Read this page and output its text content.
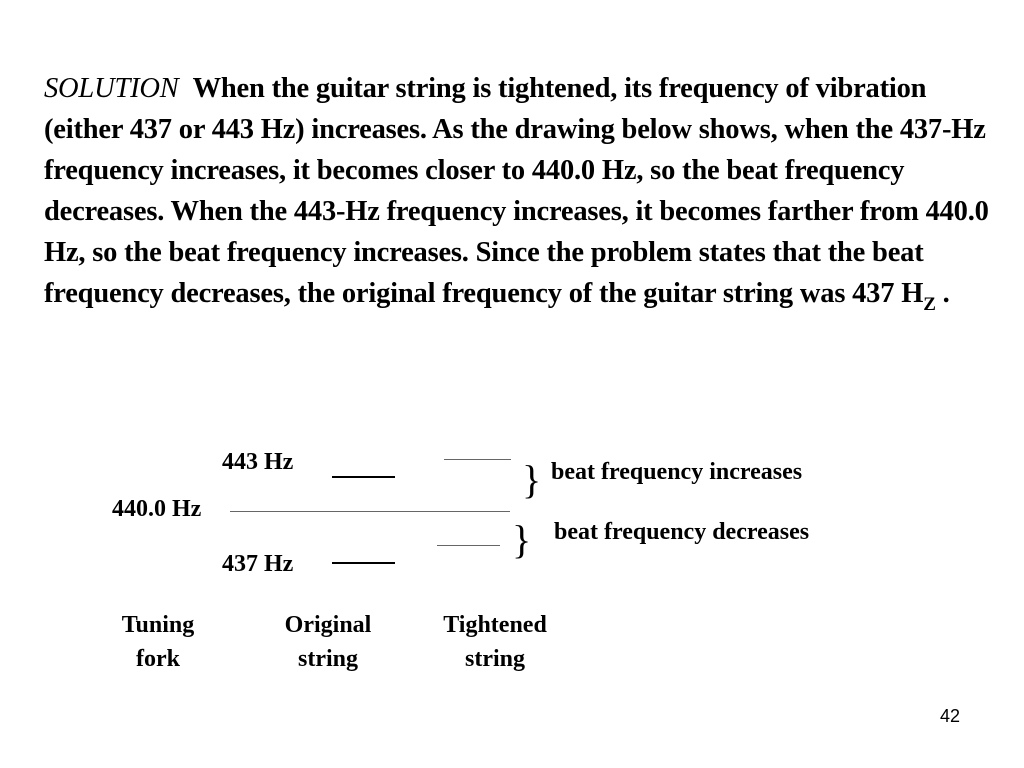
SOLUTION When the guitar string is tightened, its frequency of vibration (either 437 or 443 Hz) increases. As the drawing below shows, when the 437-Hz frequency increases, it becomes closer to 440.0 Hz, so the beat frequency decreases. When the 443-Hz frequency increases, it becomes farther from 440.0 Hz, so the beat frequency increases. Since the problem states that the beat frequency decreases, the original frequency of the guitar string was 437 $H_Z$ .
443 Hz
440.0 Hz
437 Hz
}
}
beat frequency increases
beat frequency decreases
Tuning
fork
Original
string
Tightened
string
42
